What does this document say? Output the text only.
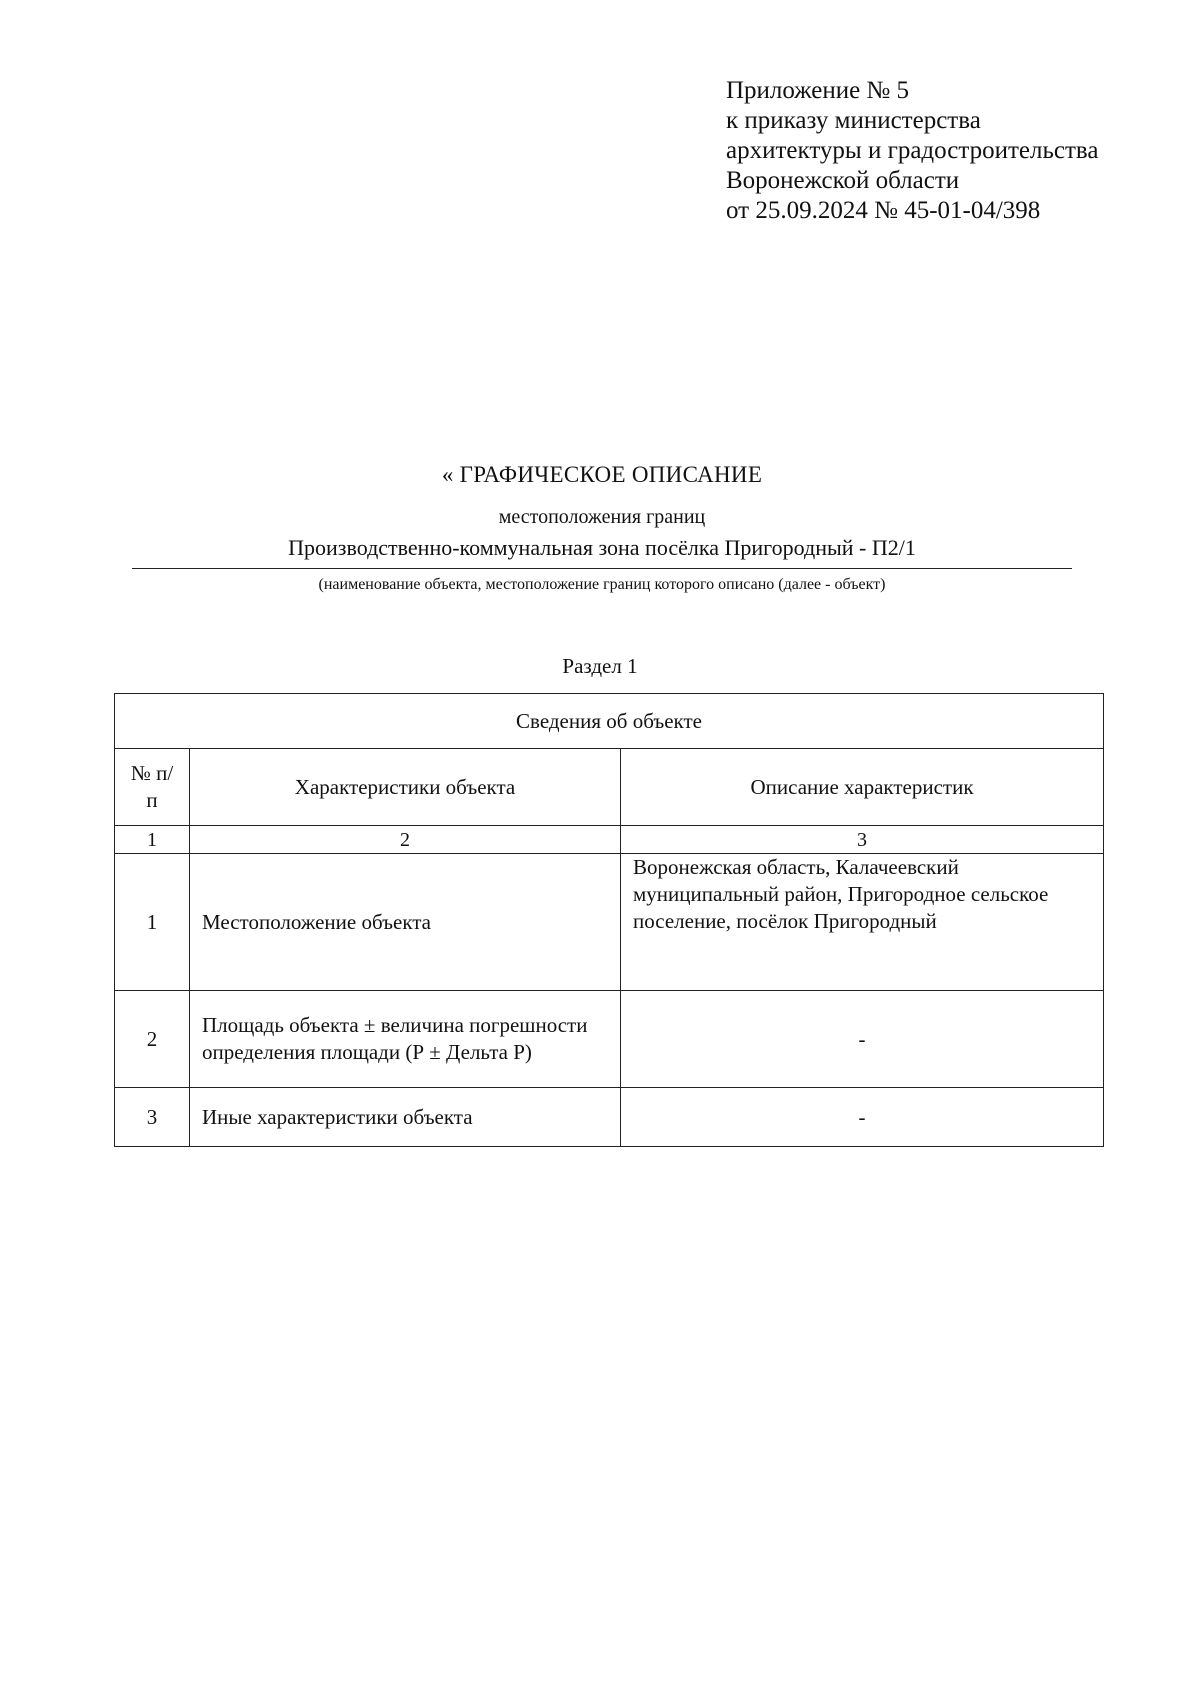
Приложение № 5
к приказу министерства
архитектуры и градостроительства
Воронежской области
от 25.09.2024 № 45-01-04/398
« ГРАФИЧЕСКОЕ ОПИСАНИЕ
местоположения границ
Производственно-коммунальная зона посёлка Пригородный - П2/1
(наименование объекта, местоположение границ которого описано (далее - объект)
Раздел 1
Сведения об объекте		
№ п/п	Характеристики объекта	Описание характеристик
1	2	3
1	Местоположение объекта	Воронежская область, Калачеевский муниципальный район, Пригородное сельское поселение, посёлок Пригородный
2	Площадь объекта ± величина погрешности определения площади (Р ± Дельта Р)	-
3	Иные характеристики объекта	-
